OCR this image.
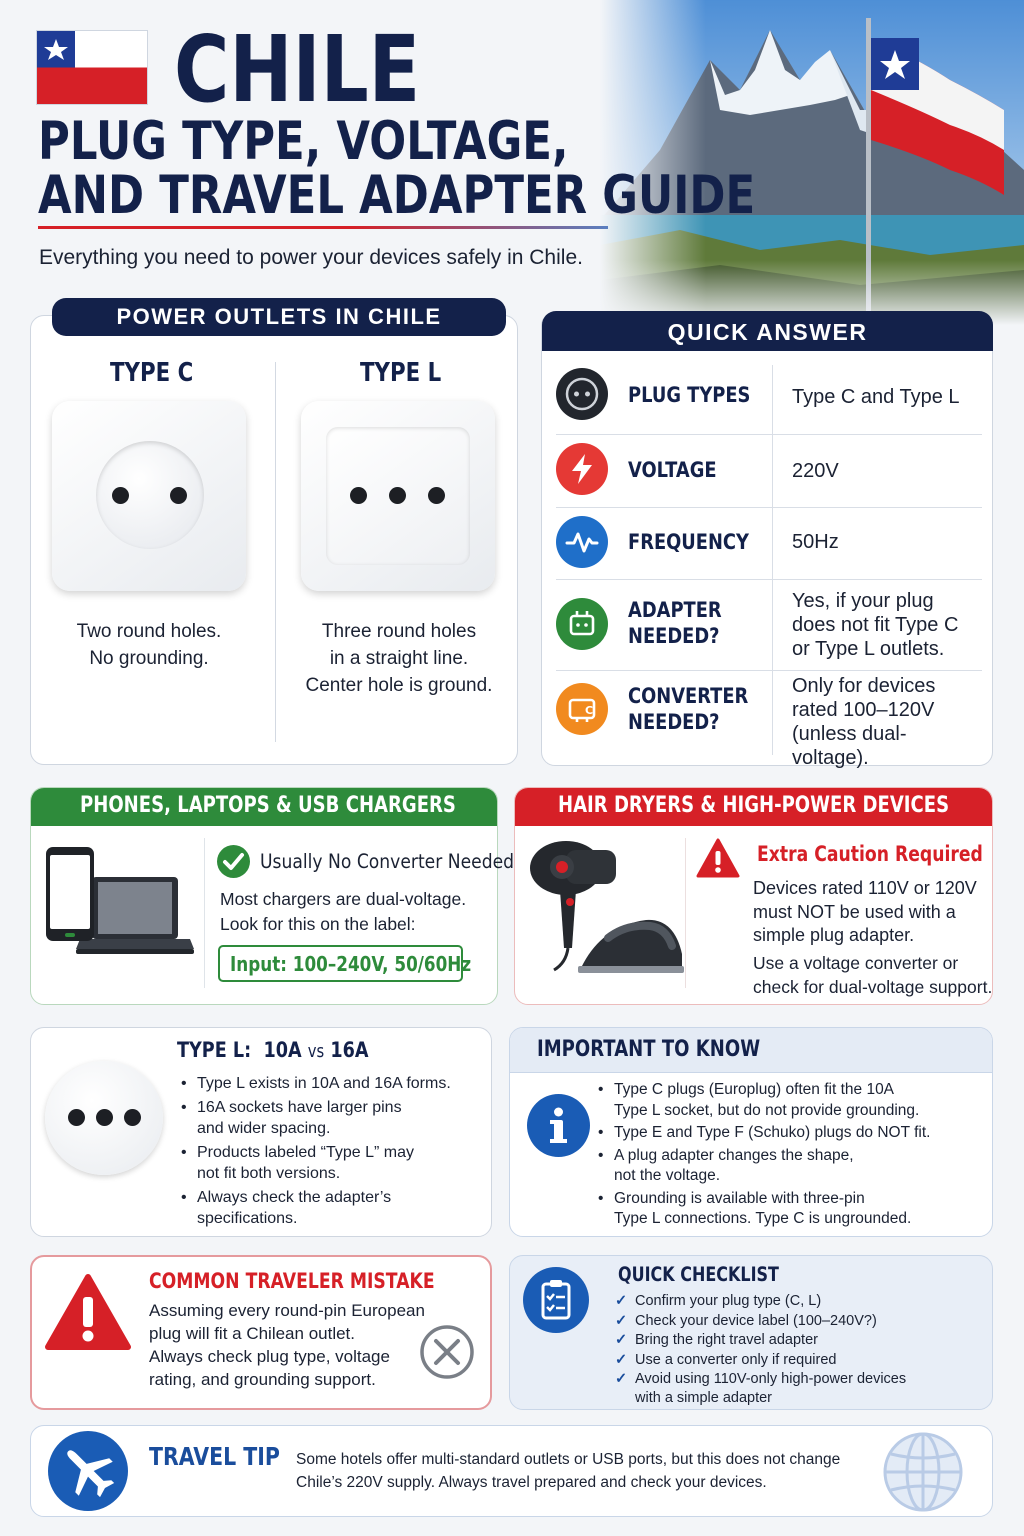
CHILE
PLUG TYPE, VOLTAGE,
AND TRAVEL ADAPTER GUIDE
Everything you need to power your devices safely in Chile.
POWER OUTLETS IN CHILE
TYPE C
Two round holes.
No grounding.
TYPE L
Three round holes
in a straight line.
Center hole is ground.
PLUG TYPES Type C and Type L
VOLTAGE	220V
FREQUENCY 50Hz
ADAPTER
NEEDED?
Yes, if your plug
does not fit Type C
or Type L outlets.
C
CONVERTER
NEEDED?
Only for devices
rated 100–120V
(unless dual-voltage).
QUICK ANSWER
PHONES, LAPTOPS & USB CHARGERS
Usually No Converter Needed
Most chargers are dual-voltage.
Look for this on the label:
Input: 100–240V, 50/60Hz
HAIR DRYERS & HIGH-POWER DEVICES
Extra Caution Required
Devices rated 110V or 120V
must NOT be used with a
simple plug adapter.
Use a voltage converter or
check for dual-voltage support.
TYPE L: 10A vs 16A
• Type L exists in 10A and 16A forms.
• 16A sockets have larger pins
and wider spacing.
• Products labeled “Type L” may
not fit both versions.
• Always check the adapter’s
specifications.
IMPORTANT TO KNOW
• Type C plugs (Europlug) often fit the 10A
Type L socket, but do not provide grounding.
• Type E and Type F (Schuko) plugs do NOT fit.
• A plug adapter changes the shape,
not the voltage.
• Grounding is available with three-pin
Type L connections. Type C is ungrounded.
COMMON TRAVELER MISTAKE
Assuming every round-pin European
plug will fit a Chilean outlet.
Always check plug type, voltage
rating, and grounding support.
QUICK CHECKLIST
✓ Confirm your plug type (C, L)
✓ Check your device label (100–240V?)
✓ Bring the right travel adapter
✓ Use a converter only if required
✓ Avoid using 110V-only high-power devices
with a simple adapter
TRAVEL TIP Some hotels offer multi-standard outlets or USB ports, but this does not change
Chile’s 220V supply. Always travel prepared and check your devices.
